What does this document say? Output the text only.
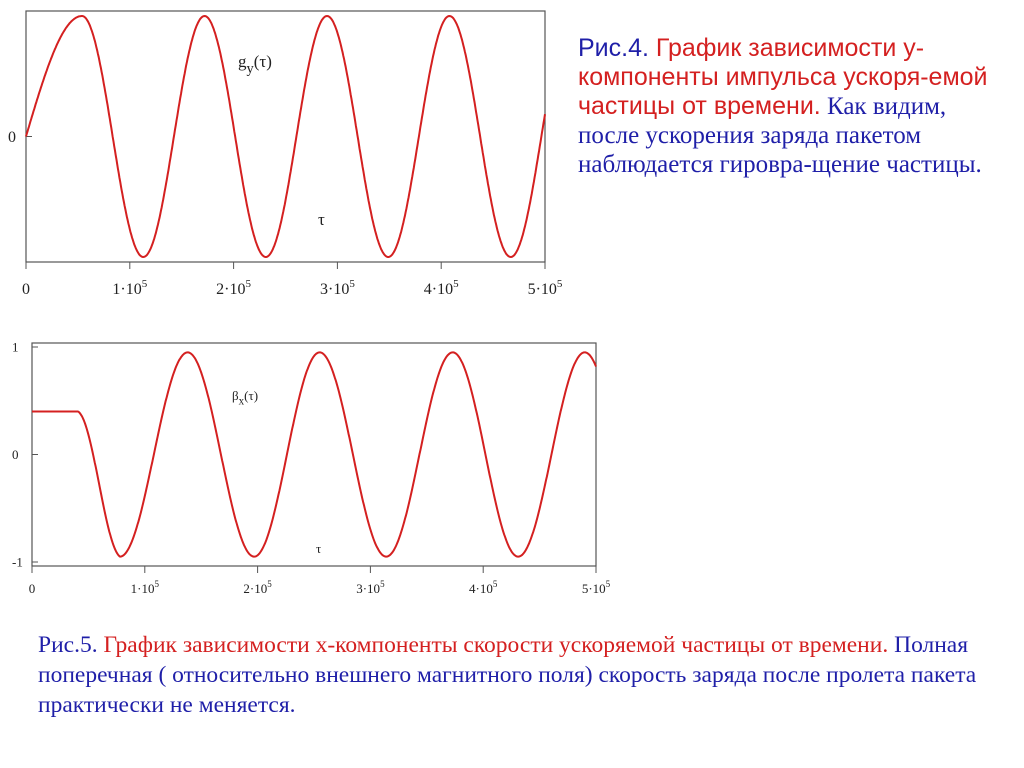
Рис.4. График зависимости y-компоненты импульса ускоря-емой частицы от времени. Как видим, после ускорения заряда пакетом наблюдается гировра-щение частицы.

Рис.5. График зависимости x-компоненты скорости ускоряемой частицы от времени. Полная поперечная ( относительно внешнего магнитного поля) скорость заряда после пролета пакета практически не меняется.

0	$1\cdot 10^5$	$2\cdot 10^5$	$3\cdot 10^5$	$4\cdot 10^5$	$5\cdot 10^5$
0
$g_y(\tau)$
τ
0	$1\cdot 10^5$	$2\cdot 10^5$	$3\cdot 10^5$	$4\cdot 10^5$	$5\cdot 10^5$
1
0
-1
βx(τ)
τ
